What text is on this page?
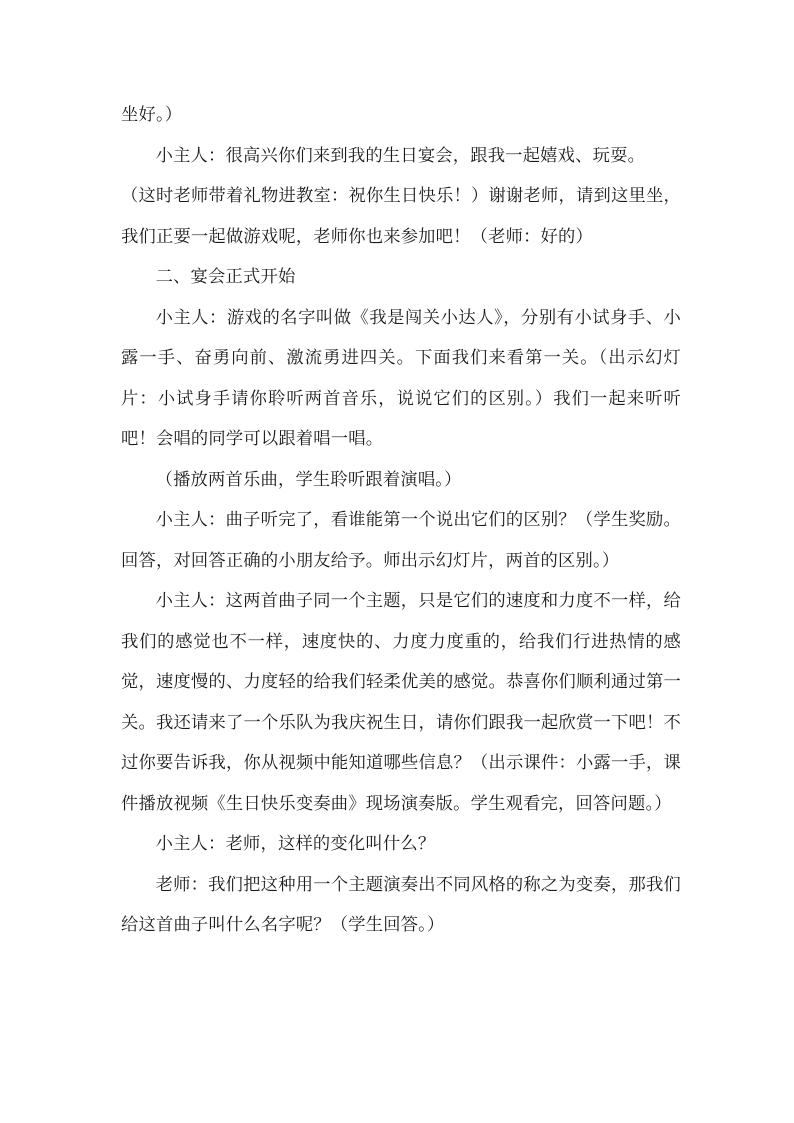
坐好。）

小主人：很高兴你们来到我的生日宴会，跟我一起嬉戏、玩耍。

（这时老师带着礼物进教室：祝你生日快乐！）谢谢老师，请到这里坐，我们正要一起做游戏呢，老师你也来参加吧！（老师：好的）

二、宴会正式开始

小主人：游戏的名字叫做《我是闯关小达人》，分别有小试身手、小露一手、奋勇向前、激流勇进四关。下面我们来看第一关。（出示幻灯片：小试身手请你聆听两首音乐，说说它们的区别。）我们一起来听听吧！会唱的同学可以跟着唱一唱。

（播放两首乐曲，学生聆听跟着演唱。）

小主人：曲子听完了，看谁能第一个说出它们的区别？（学生奖励。回答，对回答正确的小朋友给予。师出示幻灯片，两首的区别。）

小主人：这两首曲子同一个主题，只是它们的速度和力度不一样，给我们的感觉也不一样，速度快的、力度力度重的，给我们行进热情的感觉，速度慢的、力度轻的给我们轻柔优美的感觉。恭喜你们顺利通过第一关。我还请来了一个乐队为我庆祝生日，请你们跟我一起欣赏一下吧！不过你要告诉我，你从视频中能知道哪些信息？（出示课件：小露一手，课件播放视频《生日快乐变奏曲》现场演奏版。学生观看完，回答问题。）

小主人：老师，这样的变化叫什么？

老师：我们把这种用一个主题演奏出不同风格的称之为变奏，那我们给这首曲子叫什么名字呢？（学生回答。）
